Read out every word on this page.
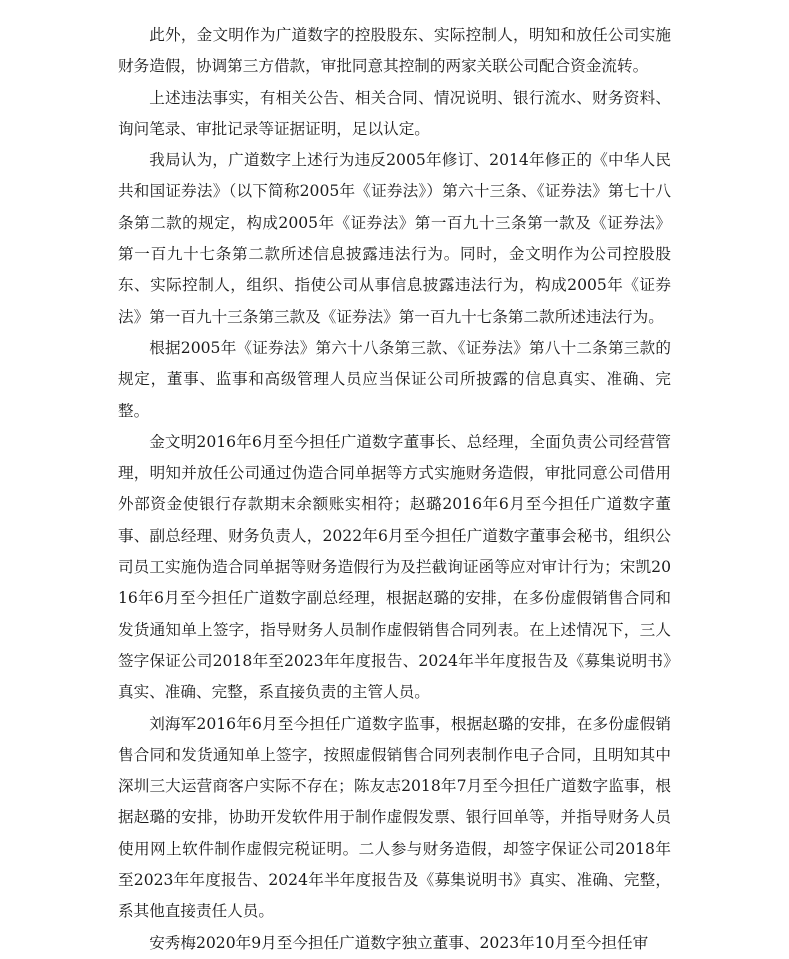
此外，金文明作为广道数字的控股股东、实际控制人，明知和放任公司实施财务造假，协调第三方借款，审批同意其控制的两家关联公司配合资金流转。

上述违法事实，有相关公告、相关合同、情况说明、银行流水、财务资料、询问笔录、审批记录等证据证明，足以认定。

我局认为，广道数字上述行为违反2005年修订、2014年修正的《中华人民共和国证券法》（以下简称2005年《证券法》）第六十三条、《证券法》第七十八条第二款的规定，构成2005年《证券法》第一百九十三条第一款及《证券法》第一百九十七条第二款所述信息披露违法行为。同时，金文明作为公司控股股东、实际控制人，组织、指使公司从事信息披露违法行为，构成2005年《证券法》第一百九十三条第三款及《证券法》第一百九十七条第二款所述违法行为。

根据2005年《证券法》第六十八条第三款、《证券法》第八十二条第三款的规定，董事、监事和高级管理人员应当保证公司所披露的信息真实、准确、完整。

金文明2016年6月至今担任广道数字董事长、总经理，全面负责公司经营管理，明知并放任公司通过伪造合同单据等方式实施财务造假，审批同意公司借用外部资金使银行存款期末余额账实相符；赵璐2016年6月至今担任广道数字董事、副总经理、财务负责人，2022年6月至今担任广道数字董事会秘书，组织公司员工实施伪造合同单据等财务造假行为及拦截询证函等应对审计行为；宋凯2016年6月至今担任广道数字副总经理，根据赵璐的安排，在多份虚假销售合同和发货通知单上签字，指导财务人员制作虚假销售合同列表。在上述情况下，三人签字保证公司2018年至2023年年度报告、2024年半年度报告及《募集说明书》真实、准确、完整，系直接负责的主管人员。

刘海军2016年6月至今担任广道数字监事，根据赵璐的安排，在多份虚假销售合同和发货通知单上签字，按照虚假销售合同列表制作电子合同，且明知其中深圳三大运营商客户实际不存在；陈友志2018年7月至今担任广道数字监事，根据赵璐的安排，协助开发软件用于制作虚假发票、银行回单等，并指导财务人员使用网上软件制作虚假完税证明。二人参与财务造假，却签字保证公司2018年至2023年年度报告、2024年半年度报告及《募集说明书》真实、准确、完整，系其他直接责任人员。

安秀梅2020年9月至今担任广道数字独立董事、2023年10月至今担任审
